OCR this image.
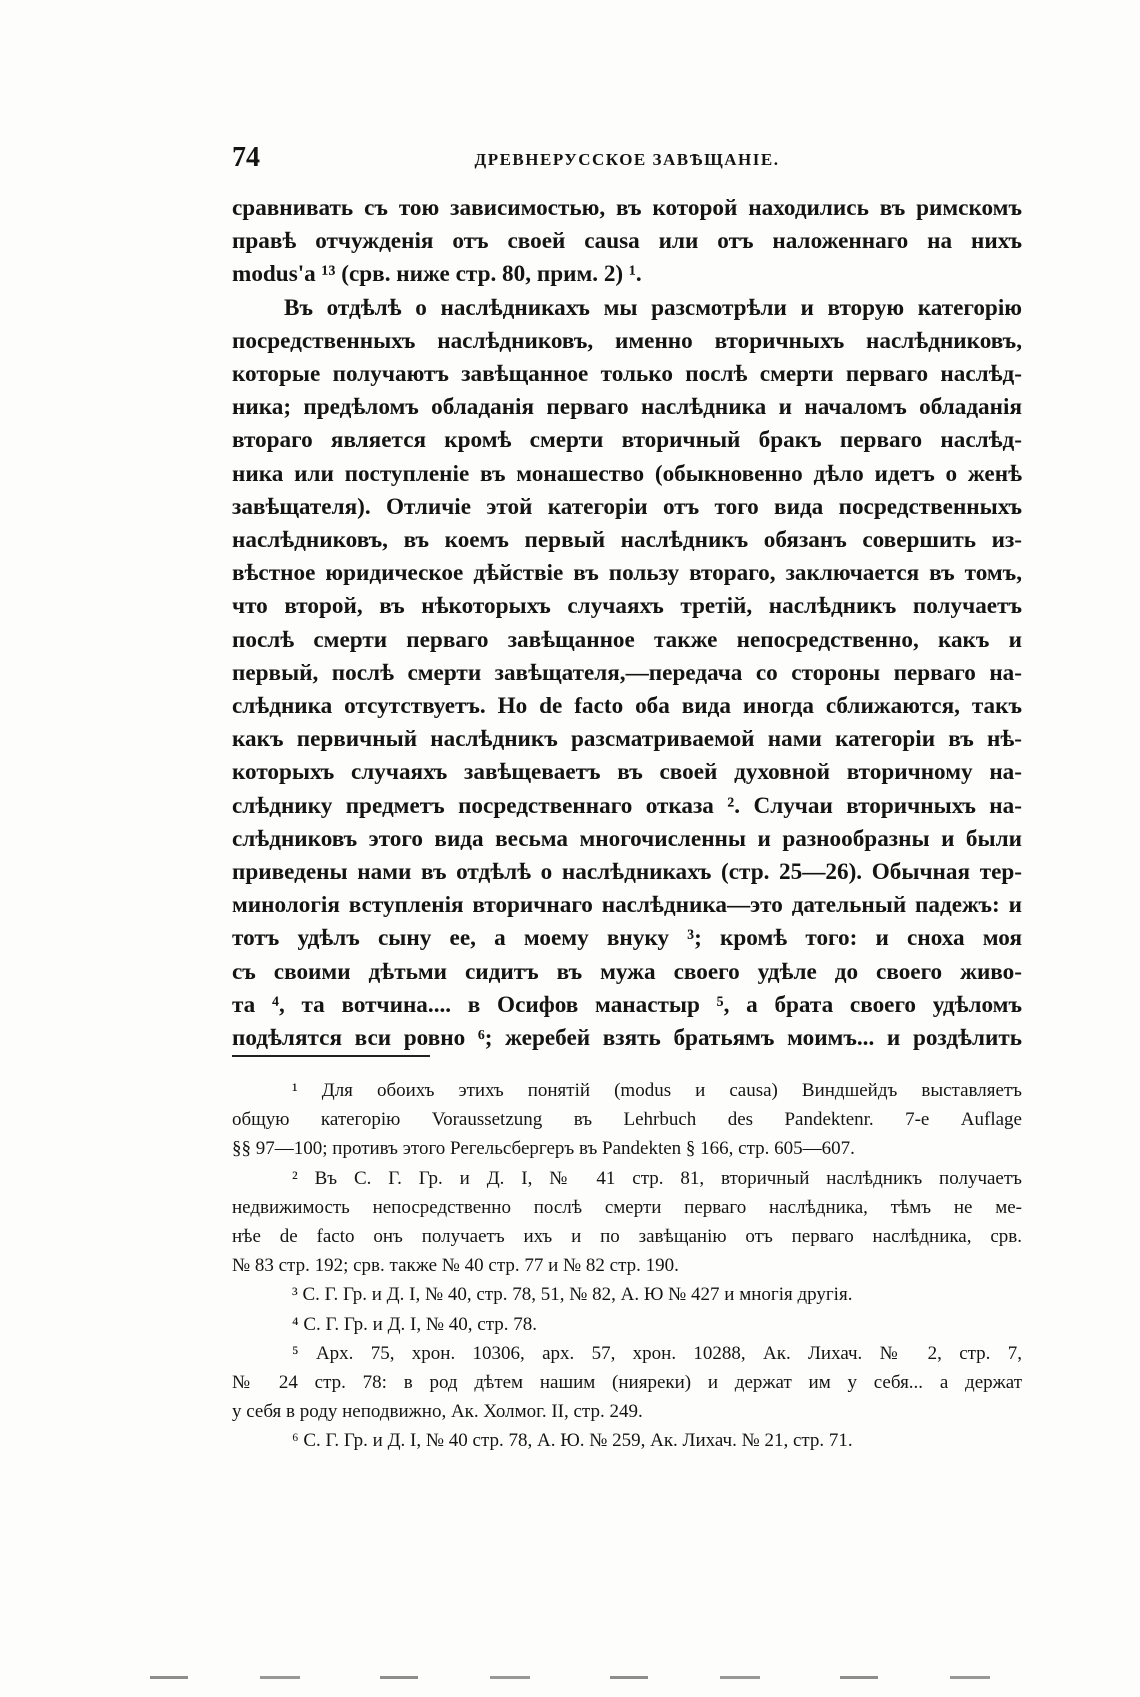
74	ДРЕВНЕРУССКОЕ ЗАВѢЩАНІЕ.
сравнивать съ тою зависимостью, въ которой находились въ римскомъ
правѣ отчужденія отъ своей causa или отъ наложеннаго на нихъ
modus'а ¹³ (срв. ниже стр. 80, прим. 2) ¹.
Въ отдѣлѣ о наслѣдникахъ мы разсмотрѣли и вторую категорію
посредственныхъ наслѣдниковъ, именно вторичныхъ наслѣдниковъ,
которые получаютъ завѣщанное только послѣ смерти перваго наслѣд-
ника; предѣломъ обладанія перваго наслѣдника и началомъ обладанія
втораго является кромѣ смерти вторичный бракъ перваго наслѣд-
ника или поступленіе въ монашество (обыкновенно дѣло идетъ о женѣ
завѣщателя). Отличіе этой категоріи отъ того вида посредственныхъ
наслѣдниковъ, въ коемъ первый наслѣдникъ обязанъ совершить из-
вѣстное юридическое дѣйствіе въ пользу втораго, заключается въ томъ,
что второй, въ нѣкоторыхъ случаяхъ третій, наслѣдникъ получаетъ
послѣ смерти перваго завѣщанное также непосредственно, какъ и
первый, послѣ смерти завѣщателя,—передача со стороны перваго на-
слѣдника отсутствуетъ. Но de facto оба вида иногда сближаются, такъ
какъ первичный наслѣдникъ разсматриваемой нами категоріи въ нѣ-
которыхъ случаяхъ завѣщеваетъ въ своей духовной вторичному на-
слѣднику предметъ посредственнаго отказа ². Случаи вторичныхъ на-
слѣдниковъ этого вида весьма многочисленны и разнообразны и были
приведены нами въ отдѣлѣ о наслѣдникахъ (стр. 25—26). Обычная тер-
минологія вступленія вторичнаго наслѣдника—это дательный падежъ: и
тотъ удѣлъ сыну ее, а моему внуку ³; кромѣ того: и сноха моя
съ своими дѣтьми сидитъ въ мужа своего удѣле до своего живо-
та ⁴, та вотчина.... в Осифов манастыр ⁵, а брата своего удѣломъ
подѣлятся вси ровно ⁶; жеребей взять братьямъ моимъ... и роздѣлить
¹ Для обоихъ этихъ понятій (modus и causa) Виндшейдъ выставляетъ
общую категорію Voraussetzung въ Lehrbuch des Pandektenr. 7-е Auflage
§§ 97—100; противъ этого Регельсбергеръ въ Pandekten § 166, стр. 605—607.
² Въ С. Г. Гр. и Д. I, № 41 стр. 81, вторичный наслѣдникъ получаетъ
недвижимость непосредственно послѣ смерти перваго наслѣдника, тѣмъ не ме-
нѣе de facto онъ получаетъ ихъ и по завѣщанію отъ перваго наслѣдника, срв.
№ 83 стр. 192; срв. также № 40 стр. 77 и № 82 стр. 190.
³ С. Г. Гр. и Д. I, № 40, стр. 78, 51, № 82, А. Ю № 427 и многія другія.
⁴ С. Г. Гр. и Д. I, № 40, стр. 78.
⁵ Арх. 75, хрон. 10306, арх. 57, хрон. 10288, Ак. Лихач. № 2, стр. 7,
№ 24 стр. 78: в род дѣтем нашим (нияреки) и держат им у себя... а держат
у себя в роду неподвижно, Ак. Холмог. II, стр. 249.
⁶ С. Г. Гр. и Д. I, № 40 стр. 78, А. Ю. № 259, Ак. Лихач. № 21, стр. 71.
